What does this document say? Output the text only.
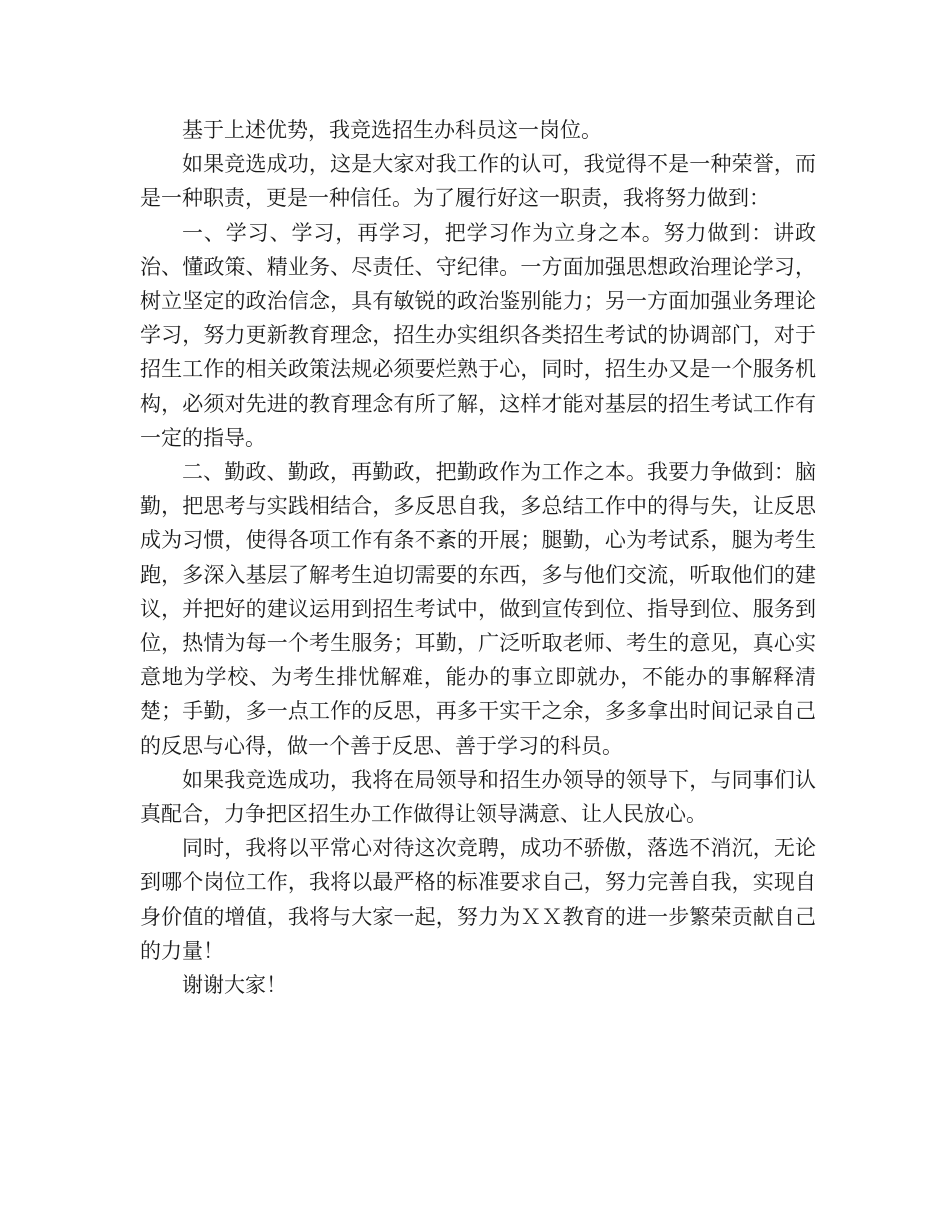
基于上述优势，我竞选招生办科员这一岗位。

如果竞选成功，这是大家对我工作的认可，我觉得不是一种荣誉，而是一种职责，更是一种信任。为了履行好这一职责，我将努力做到：

一、学习、学习，再学习，把学习作为立身之本。努力做到：讲政治、懂政策、精业务、尽责任、守纪律。一方面加强思想政治理论学习，树立坚定的政治信念，具有敏锐的政治鉴别能力；另一方面加强业务理论学习，努力更新教育理念，招生办实组织各类招生考试的协调部门，对于招生工作的相关政策法规必须要烂熟于心，同时，招生办又是一个服务机构，必须对先进的教育理念有所了解，这样才能对基层的招生考试工作有一定的指导。

二、勤政、勤政，再勤政，把勤政作为工作之本。我要力争做到：脑勤，把思考与实践相结合，多反思自我，多总结工作中的得与失，让反思成为习惯，使得各项工作有条不紊的开展；腿勤，心为考试系，腿为考生跑，多深入基层了解考生迫切需要的东西，多与他们交流，听取他们的建议，并把好的建议运用到招生考试中，做到宣传到位、指导到位、服务到位，热情为每一个考生服务；耳勤，广泛听取老师、考生的意见，真心实意地为学校、为考生排忧解难，能办的事立即就办，不能办的事解释清楚；手勤，多一点工作的反思，再多干实干之余，多多拿出时间记录自己的反思与心得，做一个善于反思、善于学习的科员。

如果我竞选成功，我将在局领导和招生办领导的领导下，与同事们认真配合，力争把区招生办工作做得让领导满意、让人民放心。

同时，我将以平常心对待这次竞聘，成功不骄傲，落选不消沉，无论到哪个岗位工作，我将以最严格的标准要求自己，努力完善自我，实现自身价值的增值，我将与大家一起，努力为ＸＸ教育的进一步繁荣贡献自己的力量！

谢谢大家！
